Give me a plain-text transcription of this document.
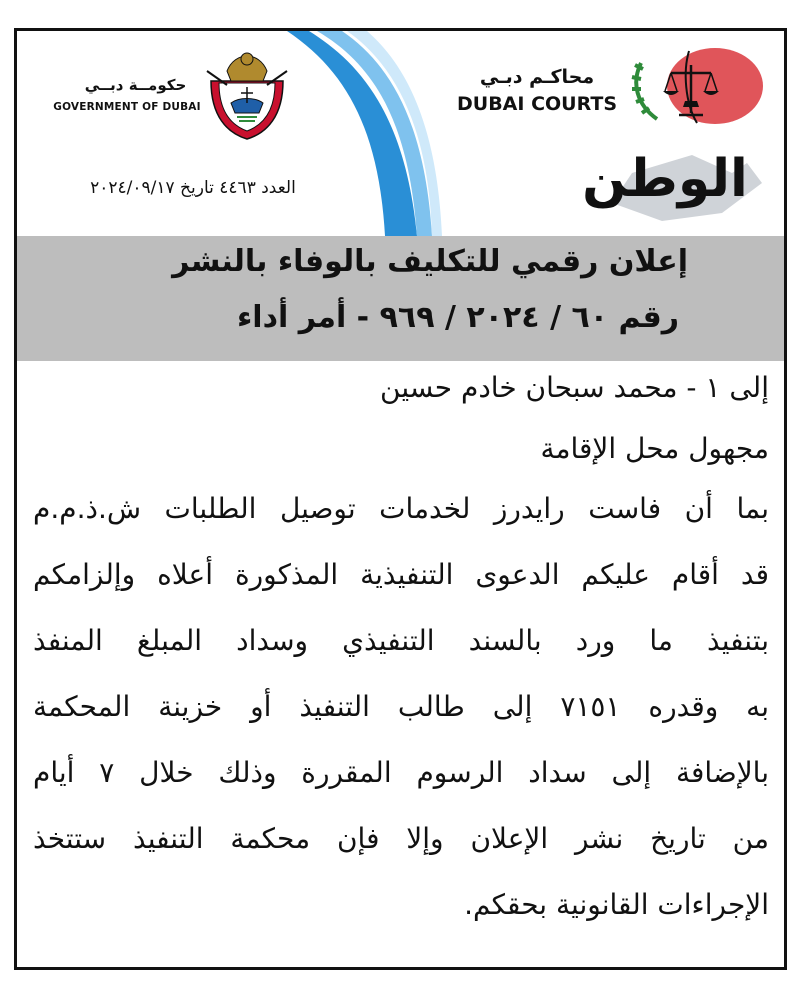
حكومــة دبــي
GOVERNMENT OF DUBAI
محاكـم دبـي
DUBAI COURTS
العدد ٤٤٦٣ تاريخ ٢٠٢٤/٠٩/١٧	الوطن
إعلان رقمي للتكليف بالوفاء بالنشر
رقم ٦٠ / ٢٠٢٤ / ٩٦٩ - أمر أداء
إلى ١ - محمد سبحان خادم حسين
مجهول محل الإقامة
بما أن فاست رايدرز لخدمات توصيل الطلبات ش.ذ.م.م
قد أقام عليكم الدعوى التنفيذية المذكورة أعلاه وإلزامكم
بتنفيذ ما ورد بالسند التنفيذي وسداد المبلغ المنفذ
به وقدره ٧١٥١ إلى طالب التنفيذ أو خزينة المحكمة
بالإضافة إلى سداد الرسوم المقررة وذلك خلال ٧ أيام
من تاريخ نشر الإعلان وإلا فإن محكمة التنفيذ ستتخذ
الإجراءات القانونية بحقكم.
